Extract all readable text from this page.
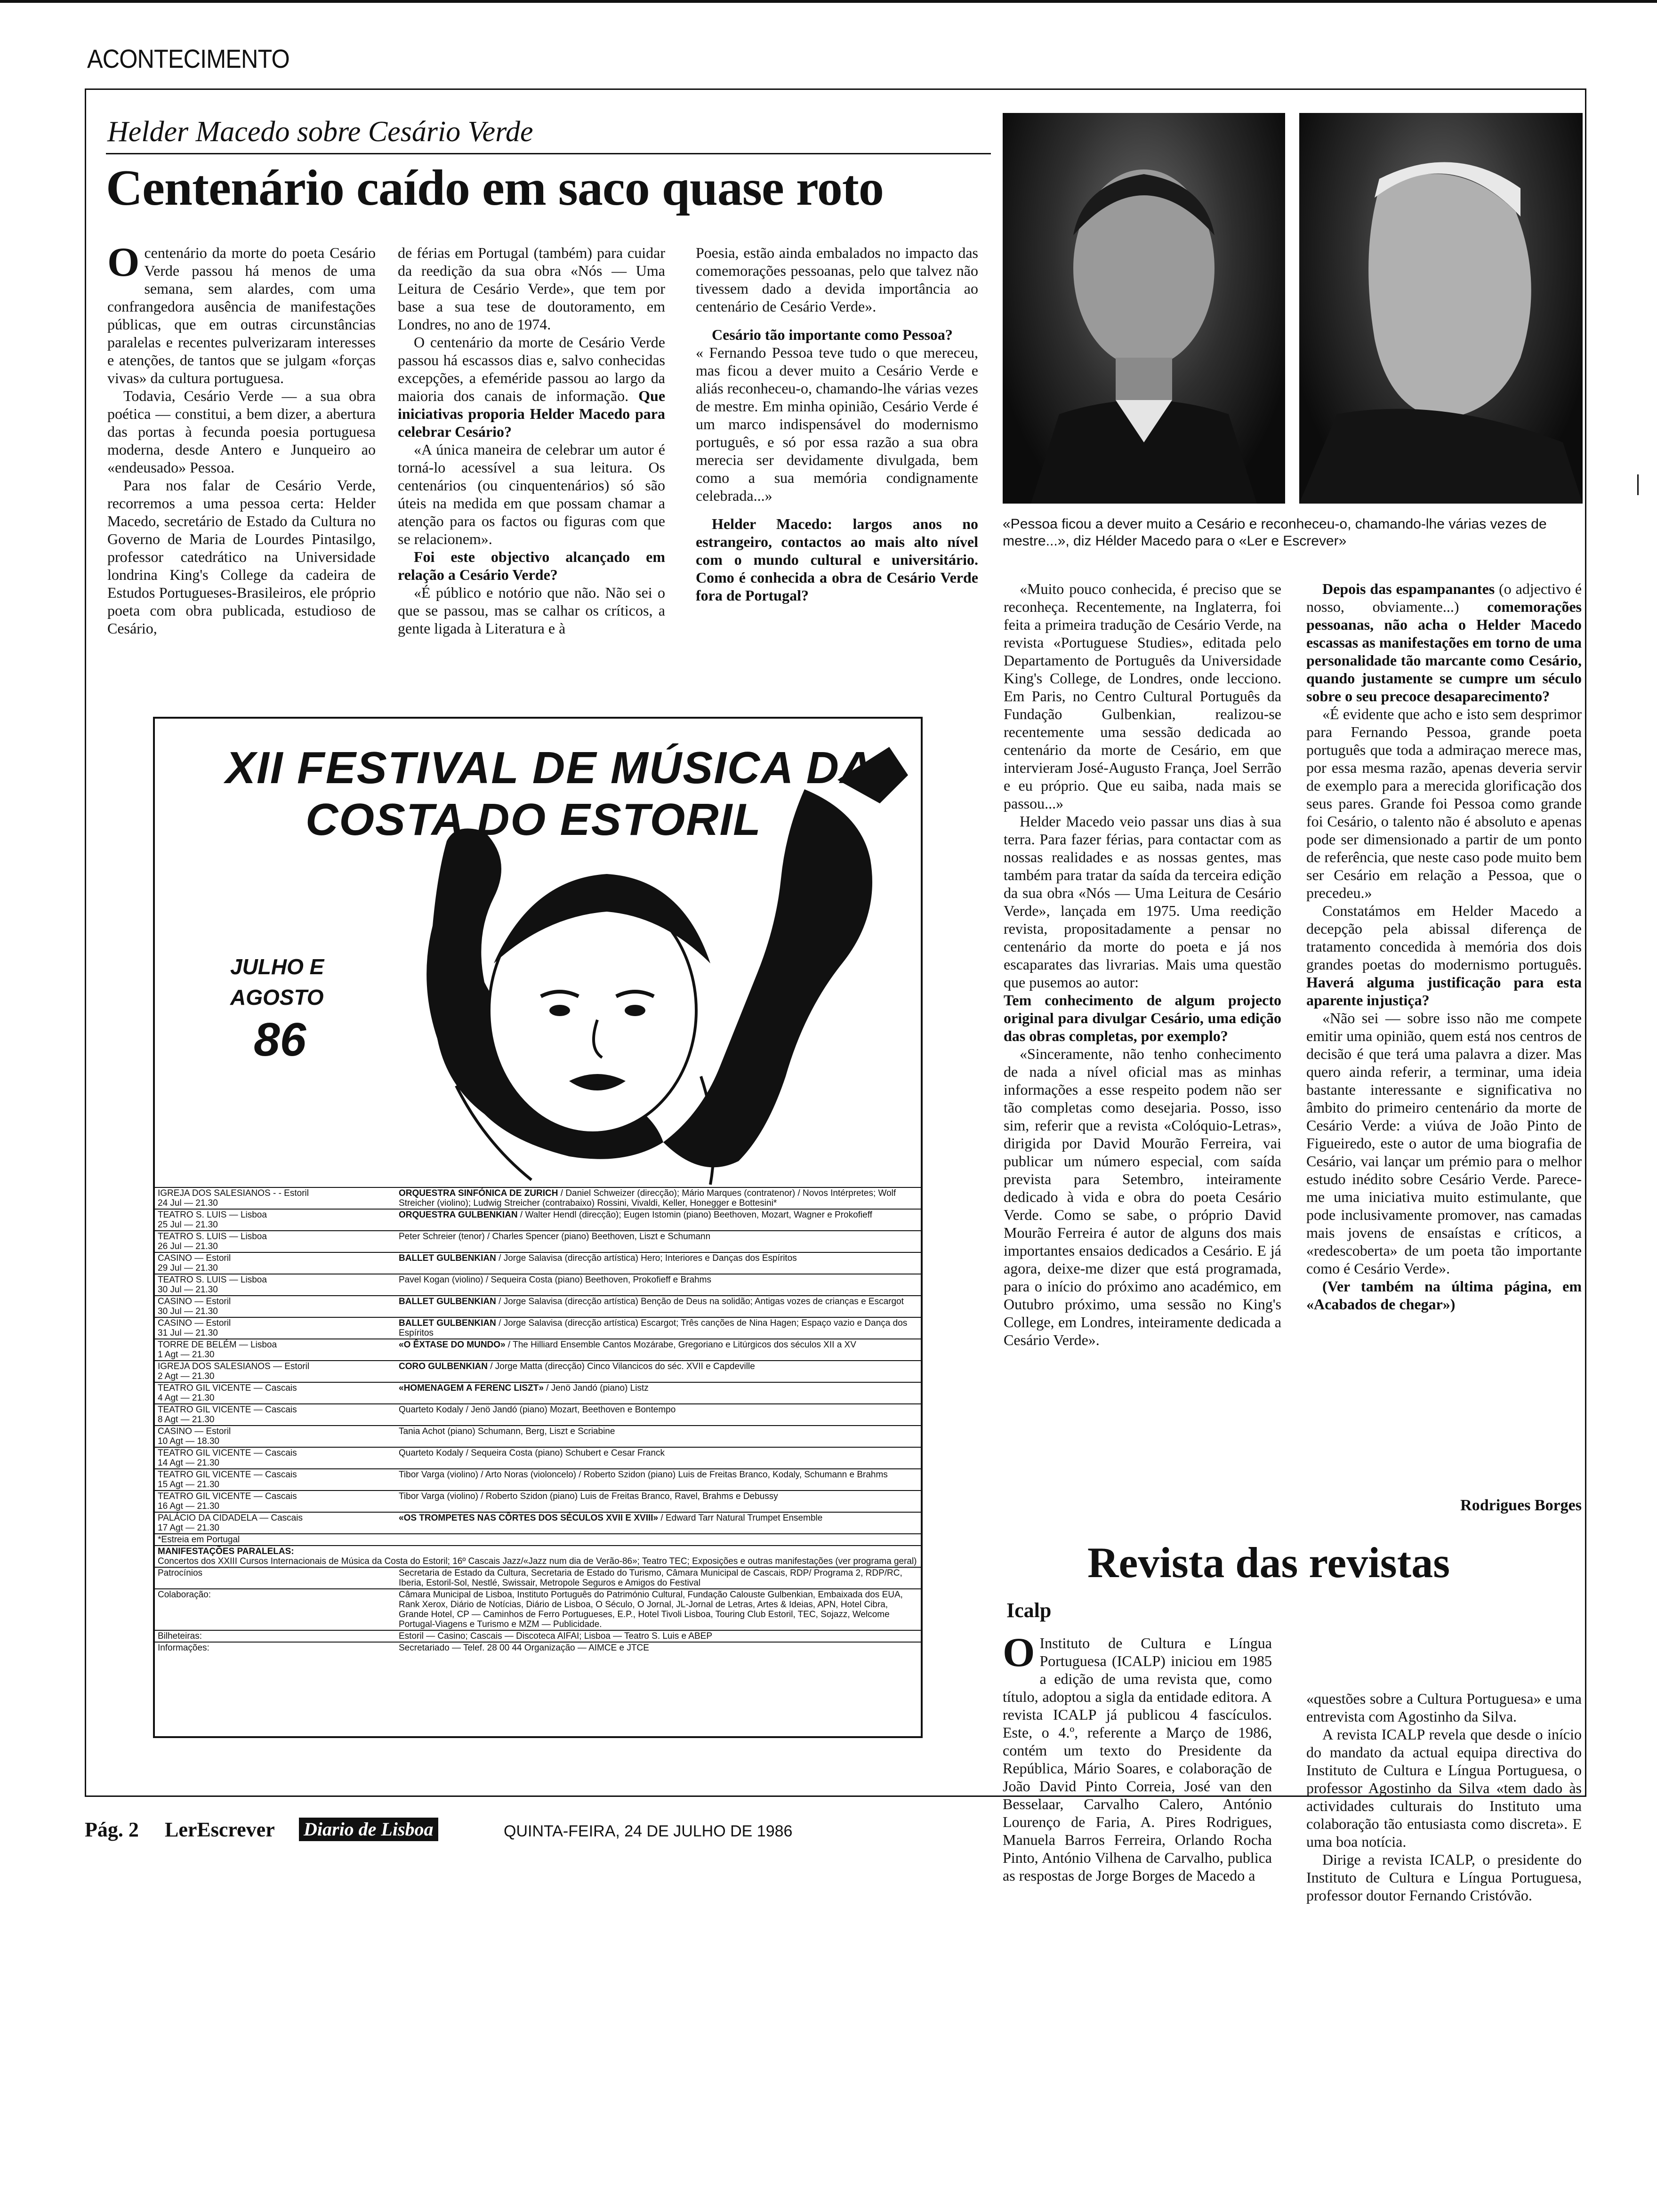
ACONTECIMENTO
Helder Macedo sobre Cesário Verde
Centenário caído em saco quase roto

Ocentenário da morte do poeta Cesário Verde passou há menos de uma semana, sem alardes, com uma confrangedora ausência de manifestações públicas, que em outras circunstâncias paralelas e recentes pulverizaram interesses e atenções, de tantos que se julgam «forças vivas» da cultura portuguesa.

Todavia, Cesário Verde — a sua obra poética — constitui, a bem dizer, a abertura das portas à fecunda poesia portuguesa moderna, desde Antero e Junqueiro ao «endeusado» Pessoa.

Para nos falar de Cesário Verde, recorremos a uma pessoa certa: Helder Macedo, secretário de Estado da Cultura no Governo de Maria de Lourdes Pintasilgo, professor catedrático na Universidade londrina King's College da cadeira de Estudos Portugueses-Brasileiros, ele próprio poeta com obra publicada, estudioso de Cesário,

de férias em Portugal (também) para cuidar da reedição da sua obra «Nós — Uma Leitura de Cesário Verde», que tem por base a sua tese de doutoramento, em Londres, no ano de 1974.

O centenário da morte de Cesário Verde passou há escassos dias e, salvo conhecidas excepções, a efeméride passou ao largo da maioria dos canais de informação. Que iniciativas proporia Helder Macedo para celebrar Cesário?

«A única maneira de celebrar um autor é torná-lo acessível a sua leitura. Os centenários (ou cinquentenários) só são úteis na medida em que possam chamar a atenção para os factos ou figuras com que se relacionem».

Foi este objectivo alcançado em relação a Cesário Verde?

«É público e notório que não. Não sei o que se passou, mas se calhar os críticos, a gente ligada à Literatura e à

Poesia, estão ainda embalados no impacto das comemorações pessoanas, pelo que talvez não tivessem dado a devida importância ao centenário de Cesário Verde».

Cesário tão importante como Pessoa?

« Fernando Pessoa teve tudo o que mereceu, mas ficou a dever muito a Cesário Verde e aliás reconheceu-o, chamando-lhe várias vezes de mestre. Em minha opinião, Cesário Verde é um marco indispensável do modernismo português, e só por essa razão a sua obra merecia ser devidamente divulgada, bem como a sua memória condignamente celebrada...»

Helder Macedo: largos anos no estrangeiro, contactos ao mais alto nível com o mundo cultural e universitário. Como é conhecida a obra de Cesário Verde fora de Portugal?

«Pessoa ficou a dever muito a Cesário e reconheceu-o, chamando-lhe várias vezes de mestre...», diz Hélder Macedo para o «Ler e Escrever»

«Muito pouco conhecida, é preciso que se reconheça. Recentemente, na Inglaterra, foi feita a primeira tradução de Cesário Verde, na revista «Portuguese Studies», editada pelo Departamento de Português da Universidade King's College, de Londres, onde lecciono. Em Paris, no Centro Cultural Português da Fundação Gulbenkian, realizou-se recentemente uma sessão dedicada ao centenário da morte de Cesário, em que intervieram José-Augusto França, Joel Serrão e eu próprio. Que eu saiba, nada mais se passou...»

Helder Macedo veio passar uns dias à sua terra. Para fazer férias, para contactar com as nossas realidades e as nossas gentes, mas também para tratar da saída da terceira edição da sua obra «Nós — Uma Leitura de Cesário Verde», lançada em 1975. Uma reedição revista, propositadamente a pensar no centenário da morte do poeta e já nos escaparates das livrarias. Mais uma questão que pusemos ao autor:

Tem conhecimento de algum projecto original para divulgar Cesário, uma edição das obras completas, por exemplo?

«Sinceramente, não tenho conhecimento de nada a nível oficial mas as minhas informações a esse respeito podem não ser tão completas como desejaria. Posso, isso sim, referir que a revista «Colóquio-Letras», dirigida por David Mourão Ferreira, vai publicar um número especial, com saída prevista para Setembro, inteiramente dedicado à vida e obra do poeta Cesário Verde. Como se sabe, o próprio David Mourão Ferreira é autor de alguns dos mais importantes ensaios dedicados a Cesário. E já agora, deixe-me dizer que está programada, para o início do próximo ano académico, em Outubro próximo, uma sessão no King's College, em Londres, inteiramente dedicada a Cesário Verde».

Depois das espampanantes (o adjectivo é nosso, obviamente...) comemorações pessoanas, não acha o Helder Macedo escassas as manifestações em torno de uma personalidade tão marcante como Cesário, quando justamente se cumpre um século sobre o seu precoce desaparecimento?

«É evidente que acho e isto sem desprimor para Fernando Pessoa, grande poeta português que toda a admiraçao merece mas, por essa mesma razão, apenas deveria servir de exemplo para a merecida glorificação dos seus pares. Grande foi Pessoa como grande foi Cesário, o talento não é absoluto e apenas pode ser dimensionado a partir de um ponto de referência, que neste caso pode muito bem ser Cesário em relação a Pessoa, que o precedeu.»

Constatámos em Helder Macedo a decepção pela abissal diferença de tratamento concedida à memória dos dois grandes poetas do modernismo português. Haverá alguma justificação para esta aparente injustiça?

«Não sei — sobre isso não me compete emitir uma opinião, quem está nos centros de decisão é que terá uma palavra a dizer. Mas quero ainda referir, a terminar, uma ideia bastante interessante e significativa no âmbito do primeiro centenário da morte de Cesário Verde: a viúva de João Pinto de Figueiredo, este o autor de uma biografia de Cesário, vai lançar um prémio para o melhor estudo inédito sobre Cesário Verde. Parece-me uma iniciativa muito estimulante, que pode inclusivamente promover, nas camadas mais jovens de ensaístas e críticos, a «redescoberta» de um poeta tão importante como é Cesário Verde».

(Ver também na última página, em «Acabados de chegar»)

Rodrigues Borges
XII FESTIVAL DE MÚSICA DA
COSTA DO ESTORIL
JULHO E
AGOSTO
86
IGREJA DOS SALESIANOS - - Estoril
24 Jul — 21.30	ORQUESTRA SINFÓNICA DE ZURICH / Daniel Schweizer (direcção); Mário Marques (contratenor) / Novos Intérpretes; Wolf Streicher (violino); Ludwig Streicher (contrabaixo) Rossini, Vivaldi, Keller, Honegger e Bottesini*

TEATRO S. LUIS — Lisboa
25 Jul — 21.30	ORQUESTRA GULBENKIAN / Walter Hendl (direcção); Eugen Istomin (piano) Beethoven, Mozart, Wagner e Prokofieff

TEATRO S. LUIS — Lisboa
26 Jul — 21.30	Peter Schreier (tenor) / Charles Spencer (piano) Beethoven, Liszt e Schumann

CASINO — Estoril
29 Jul — 21.30	BALLET GULBENKIAN / Jorge Salavisa (direcção artística) Hero; Interiores e Danças dos Espíritos

TEATRO S. LUIS — Lisboa
30 Jul — 21.30	Pavel Kogan (violino) / Sequeira Costa (piano) Beethoven, Prokofieff e Brahms

CASINO — Estoril
30 Jul — 21.30	BALLET GULBENKIAN / Jorge Salavisa (direcção artística) Bençãо de Deus na solidão; Antigas vozes de crianças e Escargot

CASINO — Estoril
31 Jul — 21.30	BALLET GULBENKIAN / Jorge Salavisa (direcção artística) Escargot; Três canções de Nina Hagen; Espaço vazio e Dança dos Espíritos

TORRE DE BELÉM — Lisboa
1 Agt — 21.30	«O ÊXTASE DO MUNDO» / The Hilliard Ensemble Cantos Mozárabe, Gregoriano e Litúrgicos dos séculos XII a XV

IGREJA DOS SALESIANOS — Estoril
2 Agt — 21.30	CORO GULBENKIAN / Jorge Matta (direcção) Cinco Vilancicos do séc. XVII e Capdeville

TEATRO GIL VICENTE — Cascais
4 Agt — 21.30	«HOMENAGEM A FERENC LISZT» / Jenö Jandó (piano) Listz

TEATRO GIL VICENTE — Cascais
8 Agt — 21.30	Quarteto Kodaly / Jenö Jandó (piano) Mozart, Beethoven e Bontempo

CASINO — Estoril
10 Agt — 18.30	Tania Achot (piano) Schumann, Berg, Liszt e Scriabine

TEATRO GIL VICENTE — Cascais
14 Agt — 21.30	Quarteto Kodaly / Sequeira Costa (piano) Schubert e Cesar Franck

TEATRO GIL VICENTE — Cascais
15 Agt — 21.30	Tibor Varga (violino) / Arto Noras (violoncelo) / Roberto Szidon (piano) Luis de Freitas Branco, Kodaly, Schumann e Brahms

TEATRO GIL VICENTE — Cascais
16 Agt — 21.30	Tibor Varga (violino) / Roberto Szidon (piano) Luis de Freitas Branco, Ravel, Brahms e Debussy

PALÁCIO DA CIDADELA — Cascais
17 Agt — 21.30	«OS TROMPETES NAS CÔRTES DOS SÉCULOS XVII E XVIII» / Edward Tarr Natural Trumpet Ensemble
*Estreia em Portugal	

MANIFESTAÇÕES PARALELAS:
Concertos dos XXIII Cursos Internacionais de Música da Costa do Estoril; 16º Cascais Jazz/«Jazz num dia de Verão-86»; Teatro TEC; Exposições e outras manifestações (ver programa geral)	

Patrocínios	Secretaria de Estado da Cultura, Secretaria de Estado do Turismo, Câmara Municipal de Cascais, RDP/ Programa 2, RDP/RC, Iberia, Estoril-Sol, Nestlé, Swissair, Metropole Seguros e Amigos do Festival
Colaboração:	Câmara Municipal de Lisboa, Instituto Português do Património Cultural, Fundação Calouste Gulbenkian, Embaixada dos EUA, Rank Xerox, Diário de Notícias, Diário de Lisboa, O Século, O Jornal, JL-Jornal de Letras, Artes & Ideias, APN, Hotel Cibra, Grande Hotel, CP — Caminhos de Ferro Portugueses, E.P., Hotel Tivoli Lisboa, Touring Club Estoril, TEC, Sojazz, Welcome Portugal-Viagens e Turismo e MZM — Publicidade.
Bilheteiras:	Estoril — Casino; Cascais — Discoteca AIFAI; Lisboa — Teatro S. Luis e ABEP
Informações:	Secretariado — Telef. 28 00 44 Organização — AIMCE e JTCE
Revista das revistas
Icalp

O Instituto de Cultura e Língua Portuguesa (ICALP) iniciou em 1985 a edição de uma revista que, como título, adoptou a sigla da entidade editora. A revista ICALP já publicou 4 fascículos. Este, o 4.º, referente a Março de 1986, contém um texto do Presidente da República, Mário Soares, e colaboração de João David Pinto Correia, José van den Besselaar, Carvalho Calero, António Lourenço de Faria, A. Pires Rodrigues, Manuela Barros Ferreira, Orlando Rocha Pinto, António Vilhena de Carvalho, publica as respostas de Jorge Borges de Macedo a

«questões sobre a Cultura Portuguesa» e uma entrevista com Agostinho da Silva.

A revista ICALP revela que desde o início do mandato da actual equipa directiva do Instituto de Cultura e Língua Portuguesa, o professor Agostinho da Silva «tem dado às actividades culturais do Instituto uma colaboração tão entusiasta como discreta». E uma boa notícia.

Dirige a revista ICALP, o presidente do Instituto de Cultura e Língua Portuguesa, professor doutor Fernando Cristóvão.

Pág. 2 LerEscrever Diario de Lisboa	QUINTA-FEIRA, 24 DE JULHO DE 1986
